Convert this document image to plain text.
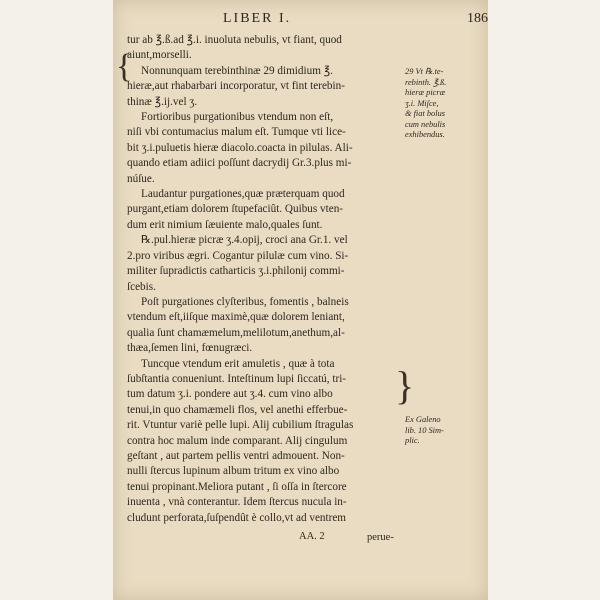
LIBER I.	186
{
}
tur ab ℥.ß.ad ℥.i. inuoluta nebulis, vt fiant, quod
aiunt,morselli.
Nonnunquam terebinthinæ 29 dimidium ℥.
hieræ,aut rhabarbari incorporatur, vt fint terebin-
thinæ ℥.ij.vel ʒ.
Fortioribus purgationibus vtendum non eſt,
niſi vbi contumacius malum eſt. Tumque vti lice-
bit ʒ.i.puluetis hieræ diacolo.coacta in pilulas. Ali-
quando etiam adiici poſſunt dacrydij Gr.3.plus mi-
núſue.
Laudantur purgationes,quæ præterquam quod
purgant,etiam dolorem ſtupefaciût. Quibus vten-
dum erit nimium ſæuiente malo,quales ſunt.
℞.pul.hieræ picræ ʒ.4.opij, croci ana Gr.1. vel
2.pro viribus ægri. Cogantur pilulæ cum vino. Si-
militer ſupradictis catharticis ʒ.i.philonij commi-
ſcebis.
Poſt purgationes clyſteribus, fomentis , balneis
vtendum eſt,iiſque maximè,quæ dolorem leniant,
qualia ſunt chamæmelum,melilotum,anethum,al-
thæa,ſemen lini, fœnugræci.
Tuncque vtendum erit amuletis , quæ à tota
ſubſtantia conueniunt. Inteſtinum lupi ſiccatú, tri-
tum datum ʒ.i. pondere aut ʒ.4. cum vino albo
tenui,in quo chamæmeli flos, vel anethi efferbue-
rit. Vtuntur variè pelle lupi. Alij cubilium ſtragulas
contra hoc malum inde comparant. Alij cingulum
geſtant , aut partem pellis ventri admouent. Non-
nulli ſtercus lupinum album tritum ex vino albo
tenui propinant.Meliora putant , ſi oſſa in ſtercore
inuenta , vnà conterantur. Idem ſtercus nucula in-
cludunt perforata,ſuſpendût è collo,vt ad ventrem
29 Vt ℞.te-
rebinth. ℥.ß.
hieræ picræ
ʒ.i. Miſce,
& fiat bolus
cum nebulis
exhibendus.
Ex Galeno
lib. 10 Sim-
plic.
AA. 2	perue-
